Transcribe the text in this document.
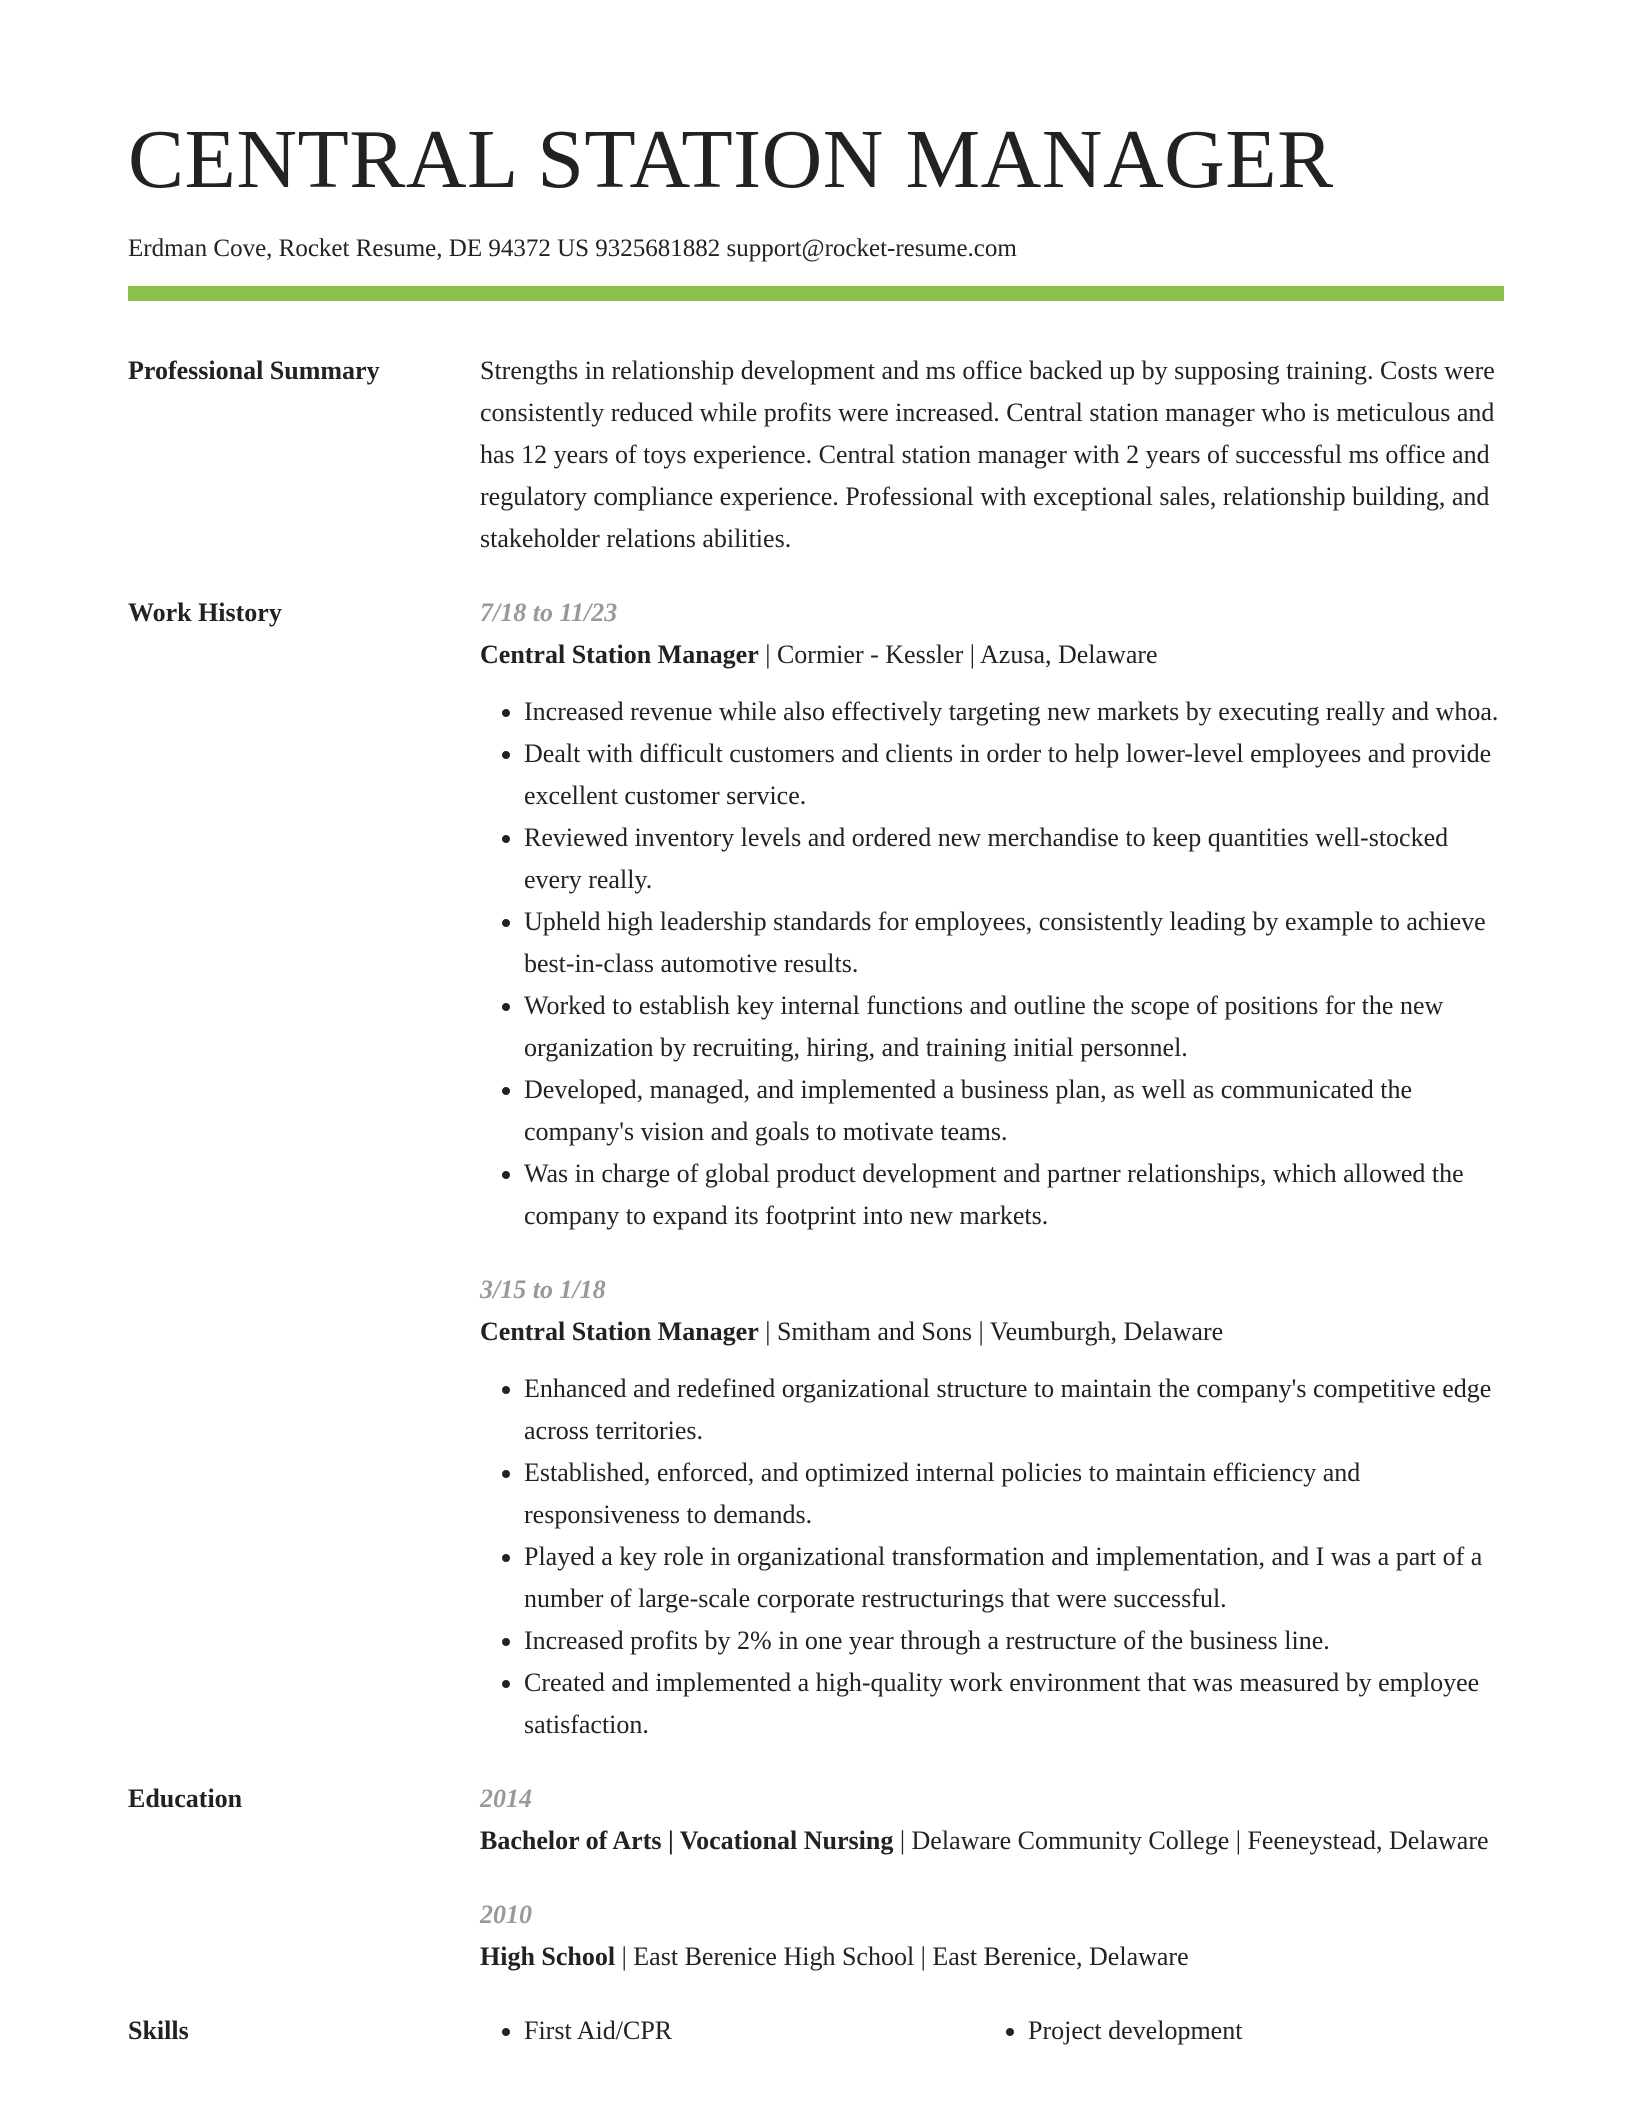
CENTRAL STATION MANAGER
Erdman Cove, Rocket Resume, DE 94372 US 9325681882 support@rocket-resume.com
Professional Summary	Strengths in relationship development and ms office backed up by supposing training. Costs were consistently reduced while profits were increased. Central station manager who is meticulous and has 12 years of toys experience. Central station manager with 2 years of successful ms office and regulatory compliance experience. Professional with exceptional sales, relationship building, and stakeholder relations abilities.

Work History	7/18 to 11/23
Central Station Manager | Cormier - Kessler | Azusa, Delaware
• Increased revenue while also effectively targeting new markets by executing really and whoa.
• Dealt with difficult customers and clients in order to help lower-level employees and provide excellent customer service.
• Reviewed inventory levels and ordered new merchandise to keep quantities well-stocked every really.
• Upheld high leadership standards for employees, consistently leading by example to achieve best-in-class automotive results.
• Worked to establish key internal functions and outline the scope of positions for the new organization by recruiting, hiring, and training initial personnel.
• Developed, managed, and implemented a business plan, as well as communicated the company's vision and goals to motivate teams.
• Was in charge of global product development and partner relationships, which allowed the company to expand its footprint into new markets.
3/15 to 1/18
Central Station Manager | Smitham and Sons | Veumburgh, Delaware
• Enhanced and redefined organizational structure to maintain the company's competitive edge across territories.
• Established, enforced, and optimized internal policies to maintain efficiency and responsiveness to demands.
• Played a key role in organizational transformation and implementation, and I was a part of a number of large-scale corporate restructurings that were successful.
• Increased profits by 2% in one year through a restructure of the business line.
• Created and implemented a high-quality work environment that was measured by employee satisfaction.
Education	2014
Bachelor of Arts | Vocational Nursing | Delaware Community College | Feeneystead, Delaware
2010
High School | East Berenice High School | East Berenice, Delaware
Skills	• First Aid/CPR	• Project development
